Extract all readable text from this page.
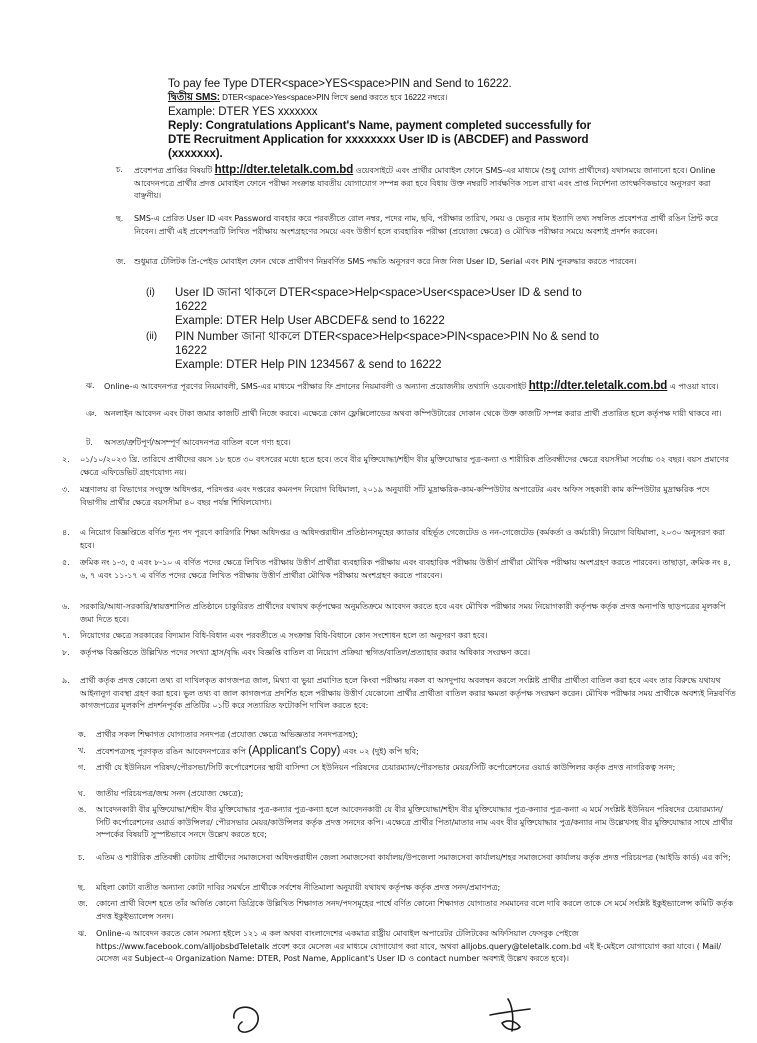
To pay fee Type DTER<space>YES<space>PIN and Send to 16222.
দ্বিতীয় SMS: DTER<space>Yes<space>PIN লিখে send করতে হবে 16222 নম্বরে।
Example: DTER YES xxxxxxx
Reply: Congratulations Applicant's Name, payment completed successfully for
DTE Recruitment Application for xxxxxxxx User ID is (ABCDEF) and Password
(xxxxxxx).
চ. প্রবেশপত্র প্রাপ্তির বিষয়টি http://dter.teletalk.com.bd ওয়েবসাইটে এবং প্রার্থীর মোবাইল ফোনে SMS-এর মাধ্যমে (শুধু যোগ্য প্রার্থীদের) যথাসময়ে জানানো হবে। Online আবেদনপত্রে প্রার্থীর প্রদত্ত মোবাইল ফোনে পরীক্ষা সংক্রান্ত যাবতীয় যোগাযোগ সম্পন্ন করা হবে বিধায় উক্ত নম্বরটি সার্বক্ষণিক সচল রাখা এবং প্রাপ্ত নির্দেশনা তাৎক্ষণিকভাবে অনুসরণ করা বাঞ্ছনীয়।
ছ. SMS-এ প্রেরিত User ID এবং Password ব্যবহার করে পরবর্তীতে রোল নম্বর, পদের নাম, ছবি, পরীক্ষার তারিখ, সময় ও ভেন্যুর নাম ইত্যাদি তথ্য সম্বলিত প্রবেশপত্র প্রার্থী রঙিন প্রিন্ট করে নিবেন। প্রার্থী এই প্রবেশপত্রটি লিখিত পরীক্ষায় অংশগ্রহণের সময়ে এবং উত্তীর্ণ হলে ব্যবহারিক পরীক্ষা (প্রযোজ্য ক্ষেত্রে) ও মৌখিক পরীক্ষার সময়ে অবশ্যই প্রদর্শন করবেন।
জ. শুধুমাত্র টেলিটক প্রি-পেইড মোবাইল ফোন থেকে প্রার্থীগণ নিম্নবর্ণিত SMS পদ্ধতি অনুসরণ করে নিজ নিজ User ID, Serial এবং PIN পুনরুদ্ধার করতে পারবেন।
(i) User ID জানা থাকলে DTER<space>Help<space>User<space>User ID & send to
16222
Example: DTER Help User ABCDEF& send to 16222
(ii) PIN Number জানা থাকলে DTER<space>Help<space>PIN<space>PIN No & send to
16222
Example: DTER Help PIN 1234567 & send to 16222
ঝ. Online-এ আবেদনপত্র পূরণের নিয়মাবলী, SMS-এর মাধ্যমে পরীক্ষার ফি প্রদানের নিয়মাবলী ও অন্যান্য প্রয়োজনীয় তথ্যাদি ওয়েবসাইট http://dter.teletalk.com.bd এ পাওয়া যাবে।
ঞ. অনলাইন আবেদন এবং টাকা জমার কাজটি প্রার্থী নিজে করবে। এক্ষেত্রে কোন ফ্লেক্সিলোডের অথবা কম্পিউটারের দোকান থেকে উক্ত কাজটি সম্পন্ন করার প্রার্থী প্রতারিত হলে কর্তৃপক্ষ দায়ী থাকবে না।
ট. অসত্য/ত্রুটিপূর্ণ/অসম্পূর্ণ আবেদনপত্র বাতিল বলে গণ্য হবে।
২. ০১/১০/২০২৩ খ্রি. তারিখে প্রার্থীদের বয়স ১৮ হতে ৩০ বৎসরের মধ্যে হতে হবে। তবে বীর মুক্তিযোদ্ধা/শহীদ বীর মুক্তিযোদ্ধার পুত্র-কন্যা ও শারীরিক প্রতিবন্ধীদের ক্ষেত্রে বয়সসীমা সর্বোচ্চ ৩২ বছর। বয়স প্রমাণের ক্ষেত্রে এফিডেভিট গ্রহণযোগ্য নয়।
৩. মন্ত্রণালয় বা বিভাগের সংযুক্ত অধিদপ্তর, পরিদপ্তর এবং দপ্তরের কমনপদ নিয়োগ বিধিমালা, ২০১৯ অনুযায়ী সাঁট মুদ্রাক্ষরিক-কাম-কম্পিউটার অপারেটর এবং অফিস সহকারী কাম কম্পিউটার মুদ্রাক্ষরিক পদে বিভাগীয় প্রার্থীর ক্ষেত্রে বয়সসীমা ৪০ বছর পর্যন্ত শিথিলযোগ্য।
৪. এ নিয়োগ বিজ্ঞপ্তিতে বর্ণিত শূন্য পদ পূরণে কারিগরি শিক্ষা অধিদপ্তর ও অধিদপ্তরাধীন প্রতিষ্ঠানসমূহের ক্যাডার বহির্ভূত গেজেটেড ও নন-গেজেটেড (কর্মকর্তা ও কর্মচারী) নিয়োগ বিধিমালা, ২০৩০ অনুসরণ করা হবে।
৫. ক্রমিক নং ১-৩, ৫ এবং ৮-১০ এ বর্ণিত পদের ক্ষেত্রে লিখিত পরীক্ষায় উত্তীর্ণ প্রার্থীরা ব্যবহারিক পরীক্ষায় এবং ব্যবহারিক পরীক্ষায় উত্তীর্ণ প্রার্থীরা মৌখিক পরীক্ষায় অংশগ্রহণ করতে পারবেন। তাছাড়া, ক্রমিক নং ৪, ৬, ৭ এবং ১১-১৭ এ বর্ণিত পদের ক্ষেত্রে লিখিত পরীক্ষায় উত্তীর্ণ প্রার্থীরা মৌখিক পরীক্ষায় অংশগ্রহণ করতে পারবেন।
৬. সরকারি/আধা-সরকারি/স্বায়ত্তশাসিত প্রতিষ্ঠানে চাকুরিরত প্রার্থীদের যথাযথ কর্তৃপক্ষের অনুমতিক্রমে আবেদন করতে হবে এবং মৌখিক পরীক্ষার সময় নিয়োগকারী কর্তৃপক্ষ কর্তৃক প্রদত্ত অনাপত্তি ছাড়পত্রের মূলকপি জমা দিতে হবে।
৭. নিয়োগের ক্ষেত্রে সরকারের বিদ্যমান বিধি-বিধান এবং পরবর্তীতে এ সংক্রান্ত বিধি-বিধানে কোন সংশোধন হলে তা অনুসরণ করা হবে।
৮. কর্তৃপক্ষ বিজ্ঞপ্তিতে উল্লিখিত পদের সংখ্যা হ্রাস/বৃদ্ধি এবং বিজ্ঞপ্তি বাতিল বা নিয়োগ প্রক্রিয়া স্থগিত/বাতিল/প্রত্যাহার করার অধিকার সংরক্ষণ করে।
৯. প্রার্থী কর্তৃক প্রদত্ত কোনো তথ্য বা দাখিলকৃত কাগজপত্র জাল, মিথ্যা বা ভুয়া প্রমাণিত হলে কিংবা পরীক্ষায় নকল বা অসদুপায় অবলম্বন করলে সংশ্লিষ্ট প্রার্থীর প্রার্থীতা বাতিল করা হবে এবং তার বিরুদ্ধে যথাযথ আইনানুগ ব্যবস্থা গ্রহণ করা হবে। ভুল তথ্য বা জাল কাগজপত্র প্রদর্শিত হলে পরীক্ষায় উত্তীর্ণ যেকোনো প্রার্থীর প্রার্থীতা বাতিল করার ক্ষমতা কর্তৃপক্ষ সংরক্ষণ করেন। মৌখিক পরীক্ষার সময় প্রার্থীকে অবশ্যই নিম্নবর্ণিত কাগজপত্রের মূলকপি প্রদর্শনপূর্বক প্রতিটির ০১টি করে সত্যায়িত ফটোকপি দাখিল করতে হবে:
ক. প্রার্থীর সকল শিক্ষাগত যোগ্যতার সনদপত্র (প্রযোজ্য ক্ষেত্রে অভিজ্ঞতার সনদপত্রসহ);
খ. প্রবেশপত্রসহ পূরণকৃত রঙিন আবেদনপত্রের কপি (Applicant's Copy) এবং ০২ (দুই) কপি ছবি;
গ. প্রার্থী যে ইউনিয়ন পরিষদ/পৌরসভা/সিটি কর্পোরেশনের স্থায়ী বাসিন্দা সে ইউনিয়ন পরিষদের চেয়ারম্যান/পৌরসভার মেয়র/সিটি কর্পোরেশনের ওয়ার্ড কাউন্সিলর কর্তৃক প্রদত্ত নাগরিকত্ব সনদ;
ঘ. জাতীয় পরিচয়পত্র/জন্ম সনদ (প্রযোজ্য ক্ষেত্রে);
ঙ. আবেদনকারী বীর মুক্তিযোদ্ধা/শহীদ বীর মুক্তিযোদ্ধার পুত্র-কন্যার পুত্র-কন্যা হলে আবেদনকারী যে বীর মুক্তিযোদ্ধা/শহীদ বীর মুক্তিযোদ্ধার পুত্র-কন্যার পুত্র-কন্যা এ মর্মে সংশ্লিষ্ট ইউনিয়ন পরিষদের চেয়ারম্যান/সিটি কর্পোরেশনের ওয়ার্ড কাউন্সিলর/ পৌরসভার মেয়র/কাউন্সিলর কর্তৃক প্রদত্ত সনদের কপি। এক্ষেত্রে প্রার্থীর পিতা/মাতার নাম এবং বীর মুক্তিযোদ্ধার পুত্র/কন্যার নাম উল্লেখসহ বীর মুক্তিযোদ্ধার সাথে প্রার্থীর সম্পর্কের বিষয়টি সুস্পষ্টভাবে সনদে উল্লেখ করতে হবে;
চ. এতিম ও শারীরিক প্রতিবন্ধী কোটায় প্রার্থীদের সমাজসেবা অধিদপ্তরাধীন জেলা সমাজসেবা কার্যালয়/উপজেলা সমাজসেবা কার্যালয়/শহর সমাজসেবা কার্যালয় কর্তৃক প্রদত্ত পরিচয়পত্র (আইডি কার্ড) এর কপি;
ছ. মহিলা কোটা ব্যতীত অন্যান্য কোটা দাবির সমর্থনে প্রার্থীকে সর্বশেষ নীতিমালা অনুযায়ী যথাযথ কর্তৃপক্ষ কর্তৃক প্রদত্ত সনদ/প্রমাণপত্র;
জ. কোনো প্রার্থী বিদেশ হতে তাঁর অর্জিত কোনো ডিগ্রিকে উল্লিখিত শিক্ষাগত সনদ/পদসমূহের পার্শ্বে বর্ণিত কোনো শিক্ষাগত যোগ্যতার সমমানের বলে দাবি করলে তাকে সে মর্মে সংশ্লিষ্ট ইকুইভ্যালেন্স কমিটি কর্তৃক প্রদত্ত ইকুইভ্যালেন্স সনদ।
ঝ. Online-এ আবেদন করতে কোন সমস্যা হইলে ১২১ এ কল অথবা বাংলাদেশের একমাত্র রাষ্ট্রীয় মোবাইল অপারেটর টেলিটকের অফিসিয়াল ফেসবুক পেইজে https://www.facebook.com/alljobsbdTeletalk প্রবেশ করে মেসেজ এর মাধ্যমে যোগাযোগ করা যাবে, অথবা alljobs.query@teletalk.com.bd এই ই-মেইলে যোগাযোগ করা যাবে। ( Mail/মেসেজ এর Subject-এ Organization Name: DTER, Post Name, Applicant's User ID ও contact number অবশ্যই উল্লেখ করতে হবে)।
